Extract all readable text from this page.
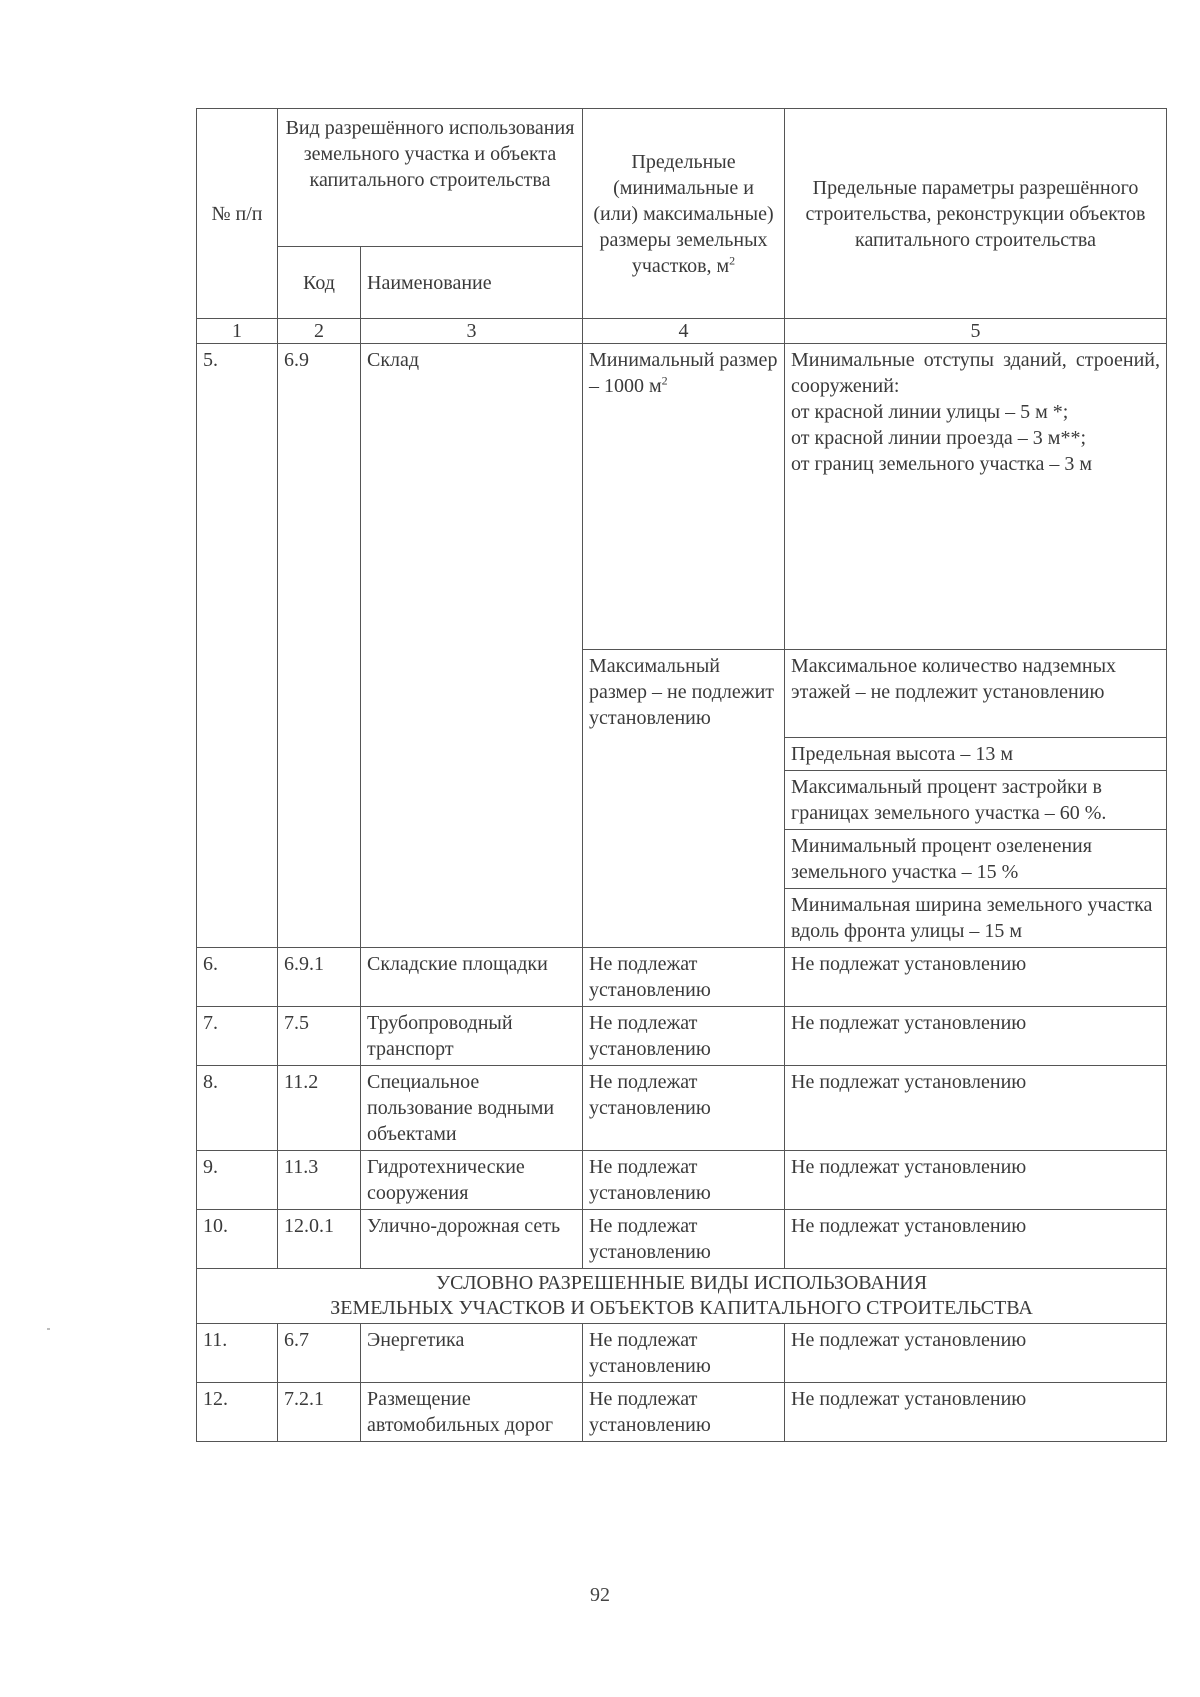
№ п/п	Вид разрешённого использования земельного участка и объекта капитального строительства		Предельные (минимальные и (или) максимальные) размеры земельных участков, $м^2$	Предельные параметры разрешённого строительства, реконструкции объектов капитального строительства
	Код	Наименование		
1	2	3	4	5
5.	6.9	Склад	Минимальный размер – 1000 $м^2$	Минимальные отступы зданий, строений, сооружений:
от красной линии улицы – 5 м *;
от красной линии проезда – 3 м**;
от границ земельного участка – 3 м

			Максимальный размер – не подлежит установлению	Максимальное количество надземных этажей – не подлежит установлению
				Предельная высота – 13 м
				Максимальный процент застройки в границах земельного участка – 60 %.
				Минимальный процент озеленения земельного участка – 15 %
				Минимальная ширина земельного участка вдоль фронта улицы – 15 м
6.	6.9.1	Складские площадки	Не подлежат установлению	Не подлежат установлению
7.	7.5	Трубопроводный транспорт	Не подлежат установлению	Не подлежат установлению
8.	11.2	Специальное пользование водными объектами	Не подлежат установлению	Не подлежат установлению
9.	11.3	Гидротехнические сооружения	Не подлежат установлению	Не подлежат установлению
10.	12.0.1	Улично-дорожная сеть	Не подлежат установлению	Не подлежат установлению

УСЛОВНО РАЗРЕШЕННЫЕ ВИДЫ ИСПОЛЬЗОВАНИЯ
ЗЕМЕЛЬНЫХ УЧАСТКОВ И ОБЪЕКТОВ КАПИТАЛЬНОГО СТРОИТЕЛЬСТВА				

11.	6.7	Энергетика	Не подлежат установлению	Не подлежат установлению
12.	7.2.1	Размещение автомобильных дорог	Не подлежат установлению	Не подлежат установлению
92
